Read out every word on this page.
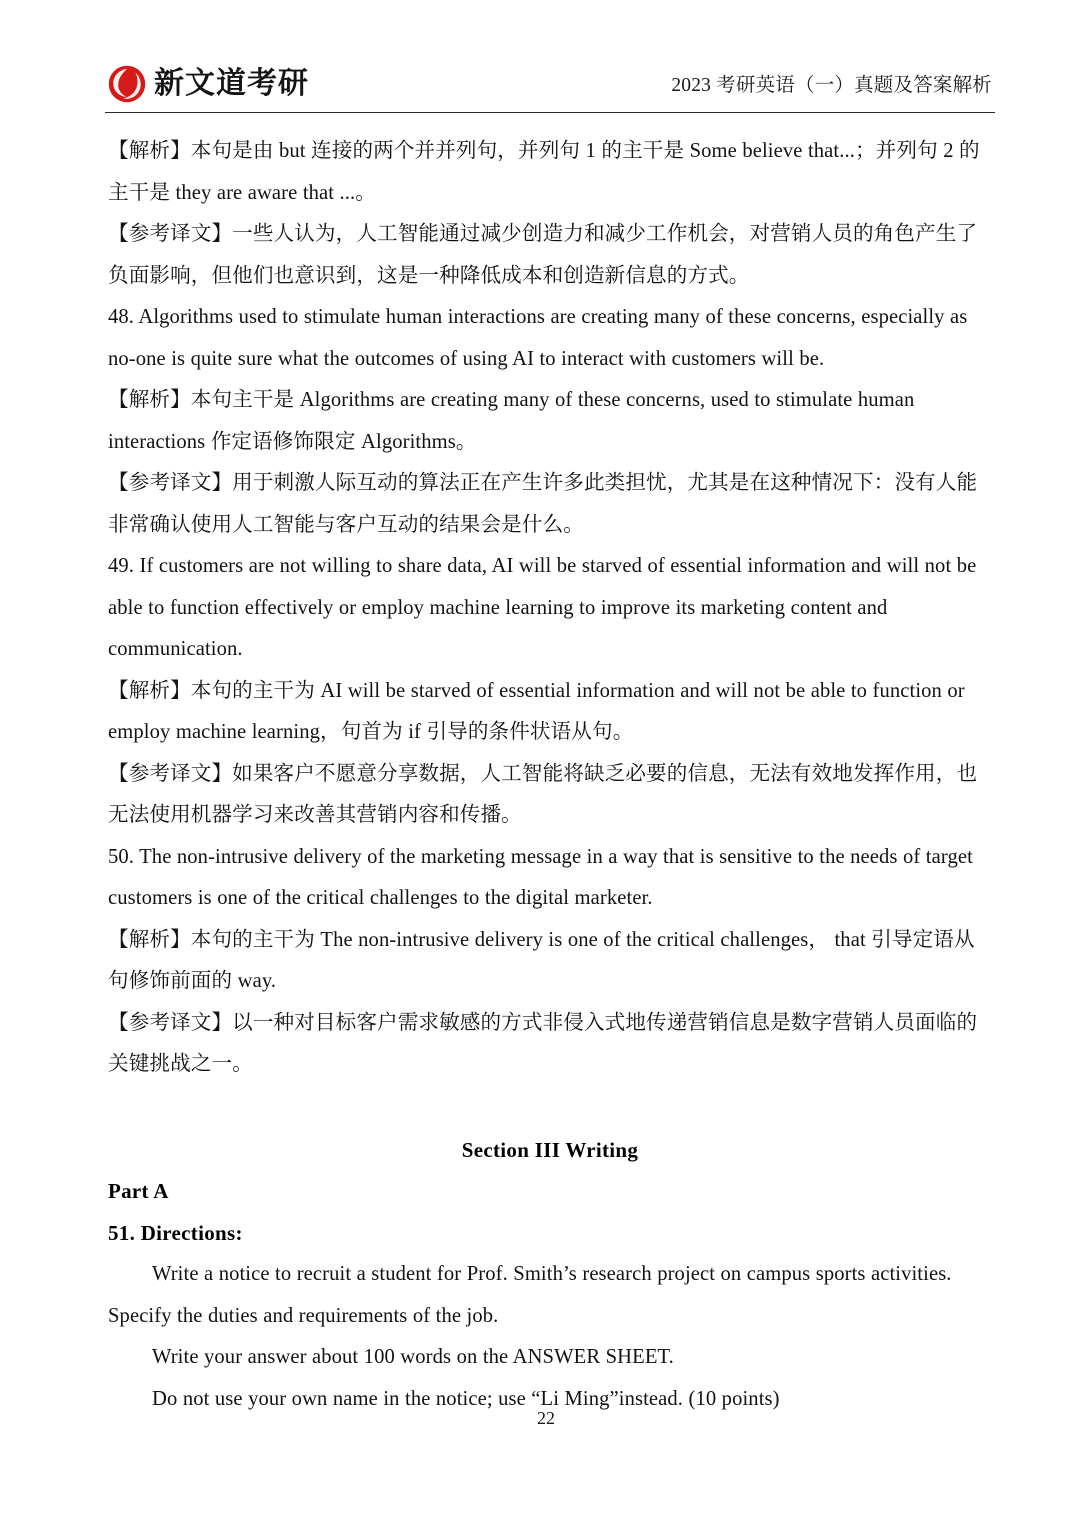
新文道考研	2023 考研英语（一）真题及答案解析

【解析】本句是由 but 连接的两个并并列句，并列句 1 的主干是 Some believe that...；并列句 2 的主干是 they are aware that ...。

【参考译文】一些人认为，人工智能通过减少创造力和减少工作机会，对营销人员的角色产生了负面影响，但他们也意识到，这是一种降低成本和创造新信息的方式。

48. Algorithms used to stimulate human interactions are creating many of these concerns, especially as no-one is quite sure what the outcomes of using AI to interact with customers will be.

【解析】本句主干是 Algorithms are creating many of these concerns, used to stimulate human interactions 作定语修饰限定 Algorithms。

【参考译文】用于刺激人际互动的算法正在产生许多此类担忧，尤其是在这种情况下：没有人能非常确认使用人工智能与客户互动的结果会是什么。

49. If customers are not willing to share data, AI will be starved of essential information and will not be able to function effectively or employ machine learning to improve its marketing content and communication.

【解析】本句的主干为 AI will be starved of essential information and will not be able to function or employ machine learning，句首为 if 引导的条件状语从句。

【参考译文】如果客户不愿意分享数据，人工智能将缺乏必要的信息，无法有效地发挥作用，也无法使用机器学习来改善其营销内容和传播。

50. The non-intrusive delivery of the marketing message in a way that is sensitive to the needs of target customers is one of the critical challenges to the digital marketer.

【解析】本句的主干为 The non-intrusive delivery is one of the critical challenges， that 引导定语从句修饰前面的 way.

【参考译文】以一种对目标客户需求敏感的方式非侵入式地传递营销信息是数字营销人员面临的关键挑战之一。

Section III Writing

Part A

51. Directions:

Write a notice to recruit a student for Prof. Smith’s research project on campus sports activities. Specify the duties and requirements of the job.

Write your answer about 100 words on the ANSWER SHEET.

Do not use your own name in the notice; use “Li Ming”instead. (10 points)

22
